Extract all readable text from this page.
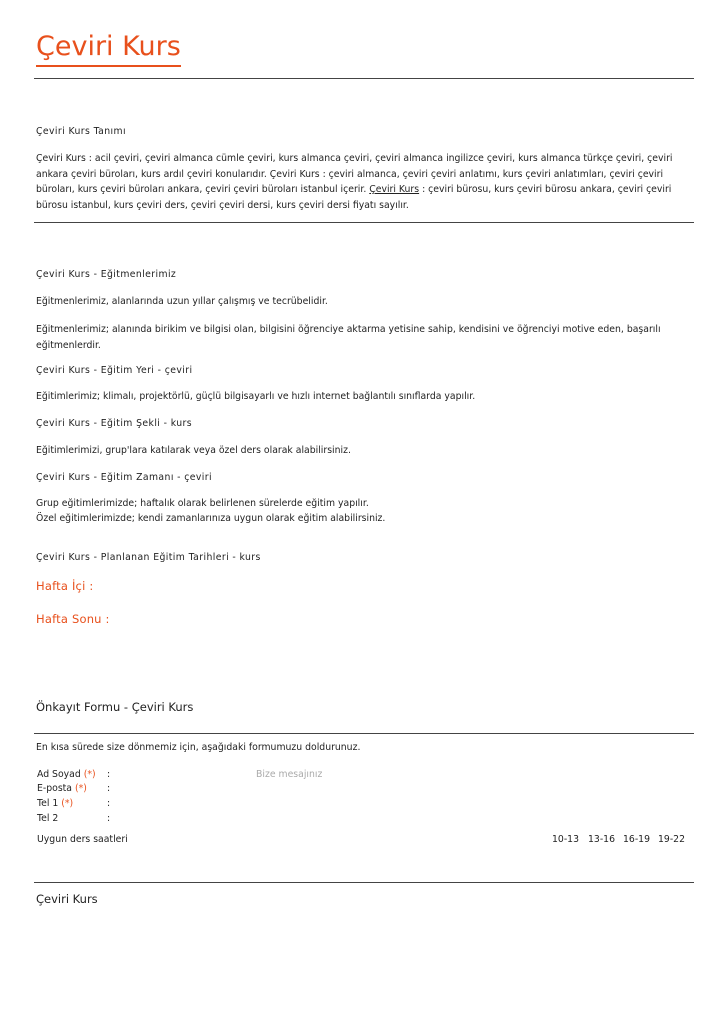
Çeviri Kurs
Çeviri Kurs Tanımı
Çeviri Kurs : acil çeviri, çeviri almanca cümle çeviri, kurs almanca çeviri, çeviri almanca ingilizce çeviri, kurs almanca türkçe çeviri, çeviri ankara çeviri büroları, kurs ardıl çeviri konularıdır. Çeviri Kurs : çeviri almanca, çeviri çeviri anlatımı, kurs çeviri anlatımları, çeviri çeviri büroları, kurs çeviri büroları ankara, çeviri çeviri büroları istanbul içerir. Çeviri Kurs : çeviri bürosu, kurs çeviri bürosu ankara, çeviri çeviri bürosu istanbul, kurs çeviri ders, çeviri çeviri dersi, kurs çeviri dersi fiyatı sayılır.
Çeviri Kurs - Eğitmenlerimiz
Eğitmenlerimiz, alanlarında uzun yıllar çalışmış ve tecrübelidir.
Eğitmenlerimiz; alanında birikim ve bilgisi olan, bilgisini öğrenciye aktarma yetisine sahip, kendisini ve öğrenciyi motive eden, başarılı eğitmenlerdir.
Çeviri Kurs - Eğitim Yeri - çeviri
Eğitimlerimiz; klimalı, projektörlü, güçlü bilgisayarlı ve hızlı internet bağlantılı sınıflarda yapılır.
Çeviri Kurs - Eğitim Şekli - kurs
Eğitimlerimizi, grup'lara katılarak veya özel ders olarak alabilirsiniz.
Çeviri Kurs - Eğitim Zamanı - çeviri
Grup eğitimlerimizde; haftalık olarak belirlenen sürelerde eğitim yapılır.
Özel eğitimlerimizde; kendi zamanlarınıza uygun olarak eğitim alabilirsiniz.
Çeviri Kurs - Planlanan Eğitim Tarihleri - kurs
Hafta İçi :
Hafta Sonu :
Önkayıt Formu - Çeviri Kurs
En kısa sürede size dönmemiz için, aşağıdaki formumuzu doldurunuz.
Ad Soyad (*) :
E-posta (*) :
Tel 1 (*)	:
Tel 2	:
Bize mesajınız
Uygun ders saatleri	10-13 13-16 16-19 19-22
Çeviri Kurs
